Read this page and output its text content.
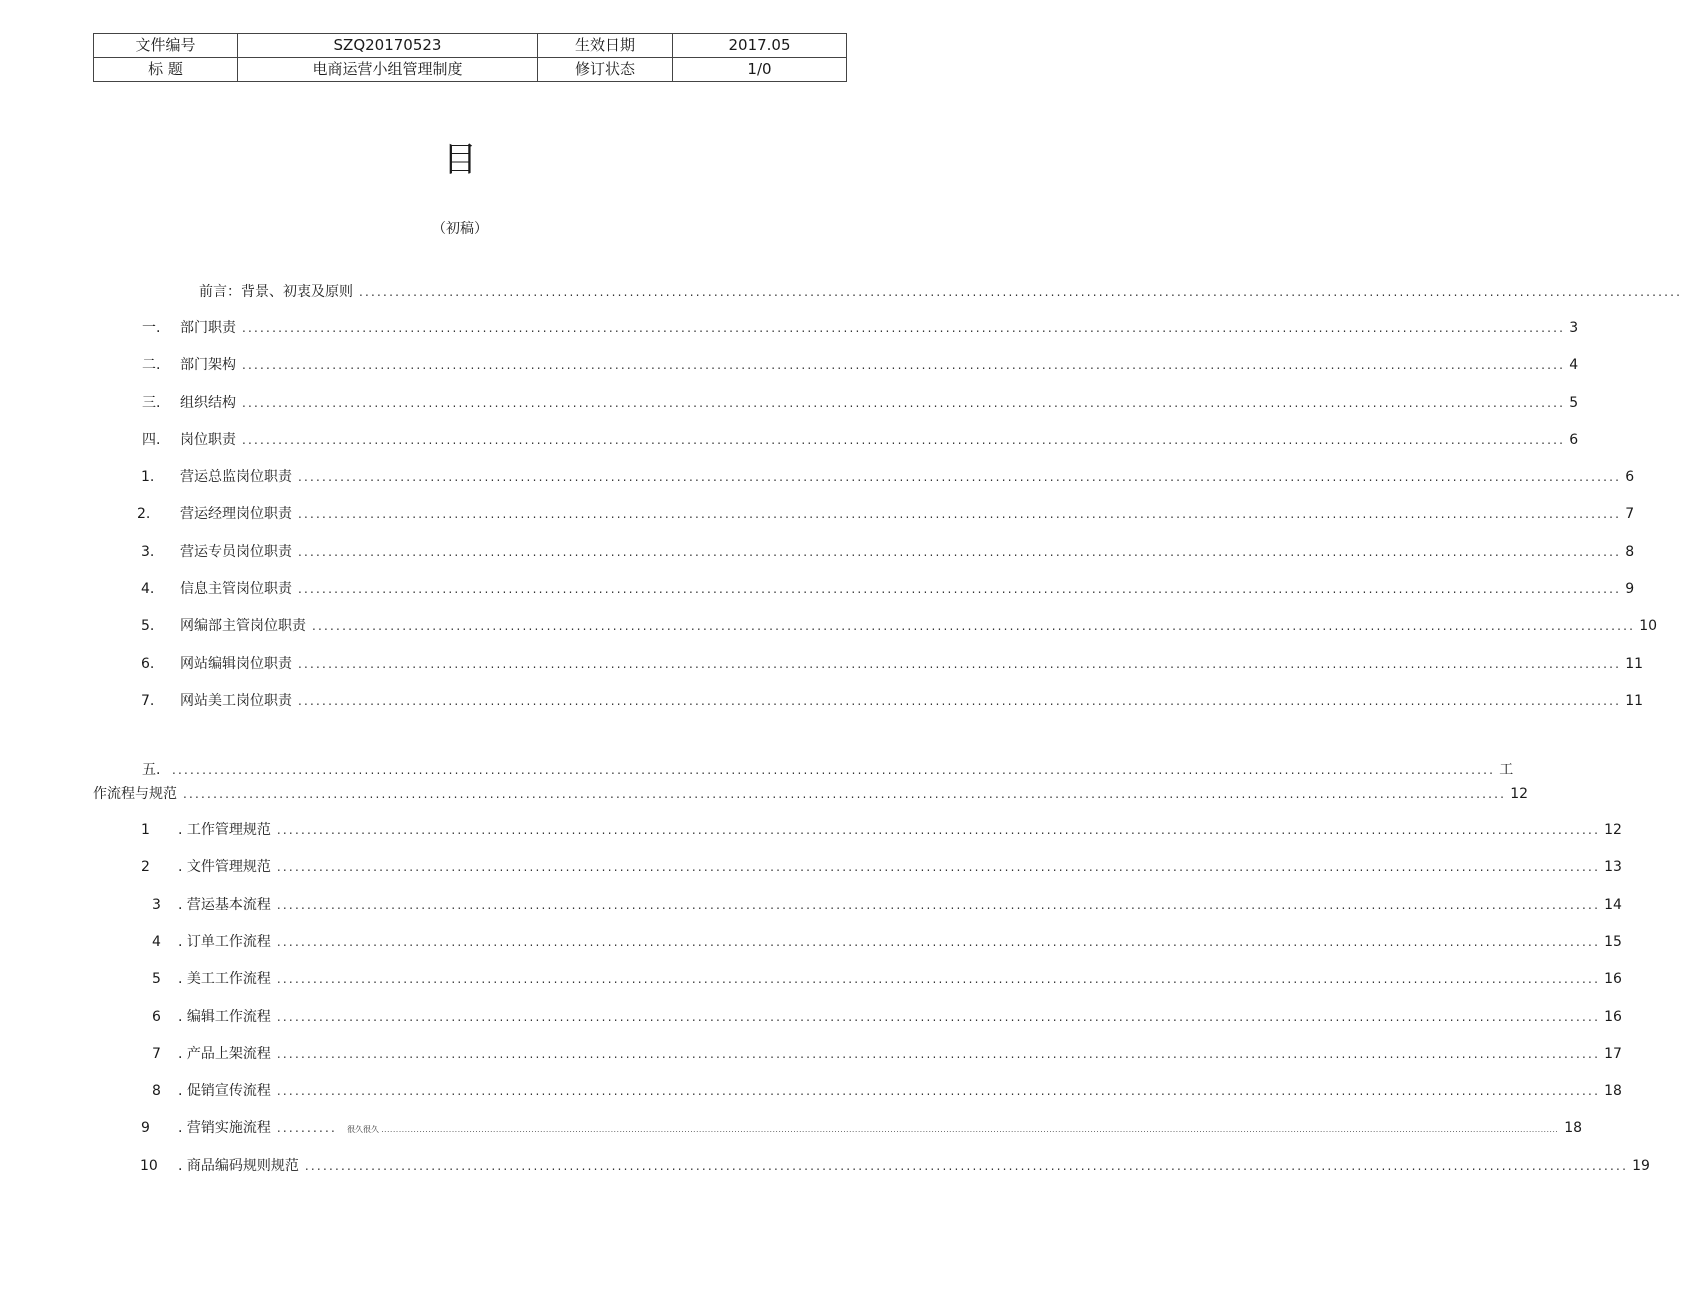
文件编号	SZQ20170523	生效日期	2017.05
标 题	电商运营小组管理制度	修订状态	1/0
目
（初稿）
前言：背景、初衷及原则 ............................................................................................................................................................................................................................
一. 部门职责 ............................................................................................................................................................................................................................ 3
二. 部门架构 ............................................................................................................................................................................................................................ 4
三. 组织结构 ............................................................................................................................................................................................................................ 5
四. 岗位职责 ............................................................................................................................................................................................................................ 6
1. 营运总监岗位职责 ............................................................................................................................................................................................................................ 6
2. 营运经理岗位职责 ............................................................................................................................................................................................................................ 7
3. 营运专员岗位职责 ............................................................................................................................................................................................................................ 8
4. 信息主管岗位职责 ............................................................................................................................................................................................................................ 9
5. 网编部主管岗位职责 ............................................................................................................................................................................................................................ 10
6. 网站编辑岗位职责 ............................................................................................................................................................................................................................ 11
7. 网站美工岗位职责 ............................................................................................................................................................................................................................ 11
五. ............................................................................................................................................................................................................................ 工
作流程与规范 ............................................................................................................................................................................................................................ 12
1 . 工作管理规范 ............................................................................................................................................................................................................................ 12
2 . 文件管理规范 ............................................................................................................................................................................................................................ 13
3 . 营运基本流程 ............................................................................................................................................................................................................................ 14
4 . 订单工作流程 ............................................................................................................................................................................................................................ 15
5 . 美工工作流程 ............................................................................................................................................................................................................................ 16
6 . 编辑工作流程 ............................................................................................................................................................................................................................ 16
7 . 产品上架流程 ............................................................................................................................................................................................................................ 17
8 . 促销宣传流程 ............................................................................................................................................................................................................................ 18
9 . 营销实施流程 .......... 很久很久 ................................................................................................................................................................................................................................................................................................................................................................................................................ 18
10 . 商品编码规则规范 ............................................................................................................................................................................................................................ 19
